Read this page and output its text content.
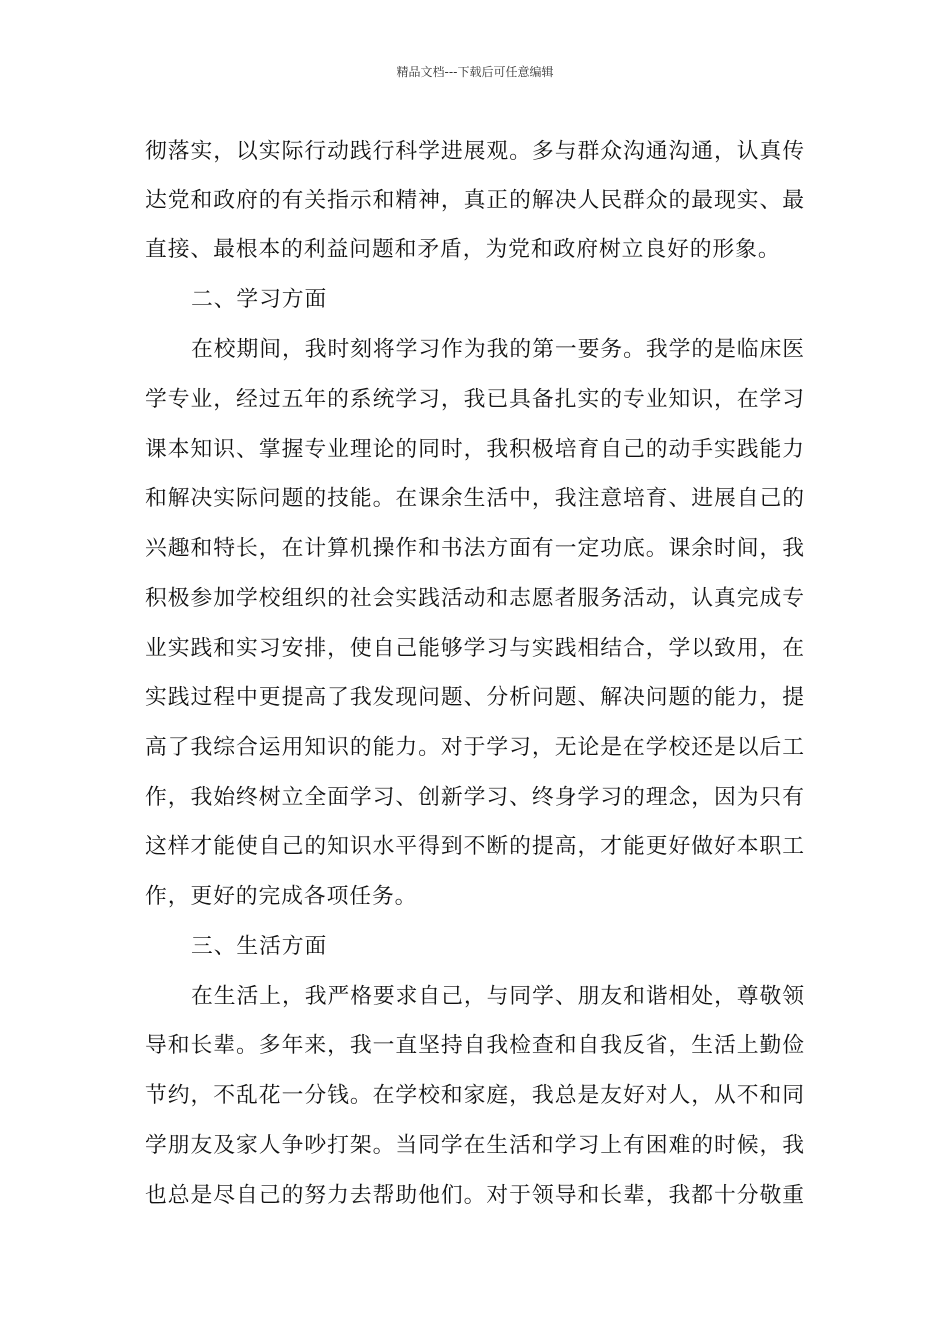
精品文档---下载后可任意编辑
彻落实，以实际行动践行科学进展观。多与群众沟通沟通，认真传
达党和政府的有关指示和精神，真正的解决人民群众的最现实、最
直接、最根本的利益问题和矛盾，为党和政府树立良好的形象。
二、学习方面
在校期间，我时刻将学习作为我的第一要务。我学的是临床医
学专业，经过五年的系统学习，我已具备扎实的专业知识，在学习
课本知识、掌握专业理论的同时，我积极培育自己的动手实践能力
和解决实际问题的技能。在课余生活中，我注意培育、进展自己的
兴趣和特长，在计算机操作和书法方面有一定功底。课余时间，我
积极参加学校组织的社会实践活动和志愿者服务活动，认真完成专
业实践和实习安排，使自己能够学习与实践相结合，学以致用，在
实践过程中更提高了我发现问题、分析问题、解决问题的能力，提
高了我综合运用知识的能力。对于学习，无论是在学校还是以后工
作，我始终树立全面学习、创新学习、终身学习的理念，因为只有
这样才能使自己的知识水平得到不断的提高，才能更好做好本职工
作，更好的完成各项任务。
三、生活方面
在生活上，我严格要求自己，与同学、朋友和谐相处，尊敬领
导和长辈。多年来，我一直坚持自我检查和自我反省，生活上勤俭
节约，不乱花一分钱。在学校和家庭，我总是友好对人，从不和同
学朋友及家人争吵打架。当同学在生活和学习上有困难的时候，我
也总是尽自己的努力去帮助他们。对于领导和长辈，我都十分敬重
